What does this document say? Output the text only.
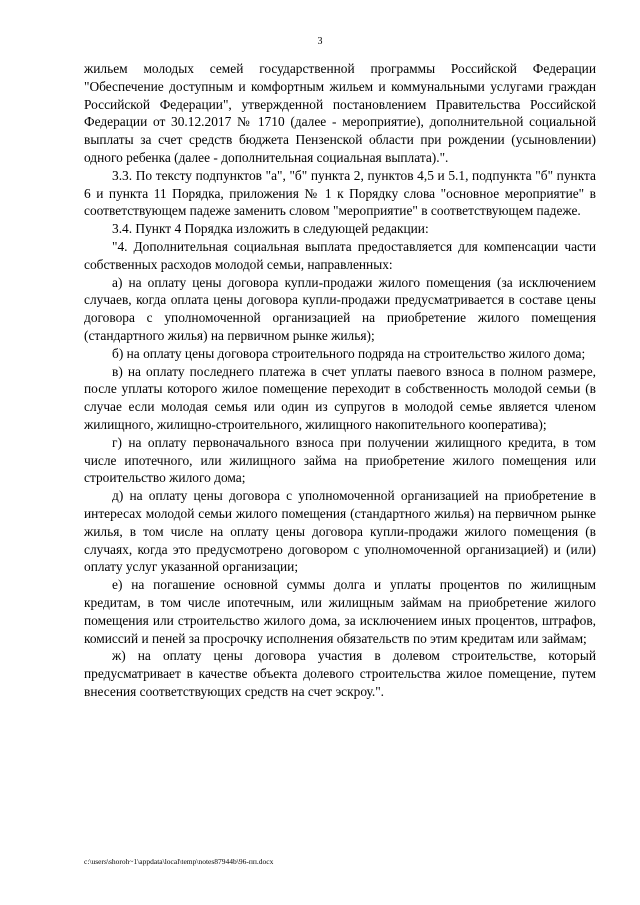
3

жильем молодых семей государственной программы Российской Федерации "Обеспечение доступным и комфортным жильем и коммунальными услугами граждан Российской Федерации", утвержденной постановлением Правительства Российской Федерации от 30.12.2017 № 1710 (далее - мероприятие), дополнительной социальной выплаты за счет средств бюджета Пензенской области при рождении (усыновлении) одного ребенка (далее - дополнительная социальная выплата).".

3.3. По тексту подпунктов "а", "б" пункта 2, пунктов 4,5 и 5.1, подпункта "б" пункта 6 и пункта 11 Порядка, приложения № 1 к Порядку слова "основное мероприятие" в соответствующем падеже заменить словом "мероприятие" в соответствующем падеже.

3.4. Пункт 4 Порядка изложить в следующей редакции:

"4. Дополнительная социальная выплата предоставляется для компенсации части собственных расходов молодой семьи, направленных:

а) на оплату цены договора купли-продажи жилого помещения (за исключением случаев, когда оплата цены договора купли-продажи предусматривается в составе цены договора с уполномоченной организацией на приобретение жилого помещения (стандартного жилья) на первичном рынке жилья);

б) на оплату цены договора строительного подряда на строительство жилого дома;

в) на оплату последнего платежа в счет уплаты паевого взноса в полном размере, после уплаты которого жилое помещение переходит в собственность молодой семьи (в случае если молодая семья или один из супругов в молодой семье является членом жилищного, жилищно-строительного, жилищного накопительного кооператива);

г) на оплату первоначального взноса при получении жилищного кредита, в том числе ипотечного, или жилищного займа на приобретение жилого помещения или строительство жилого дома;

д) на оплату цены договора с уполномоченной организацией на приобретение в интересах молодой семьи жилого помещения (стандартного жилья) на первичном рынке жилья, в том числе на оплату цены договора купли-продажи жилого помещения (в случаях, когда это предусмотрено договором с уполномоченной организацией) и (или) оплату услуг указанной организации;

е) на погашение основной суммы долга и уплаты процентов по жилищным кредитам, в том числе ипотечным, или жилищным займам на приобретение жилого помещения или строительство жилого дома, за исключением иных процентов, штрафов, комиссий и пеней за просрочку исполнения обязательств по этим кредитам или займам;

ж) на оплату цены договора участия в долевом строительстве, который предусматривает в качестве объекта долевого строительства жилое помещение, путем внесения соответствующих средств на счет эскроу.".

c:\users\shoroh~1\appdata\local\temp\notes87944b\96-пп.docx
